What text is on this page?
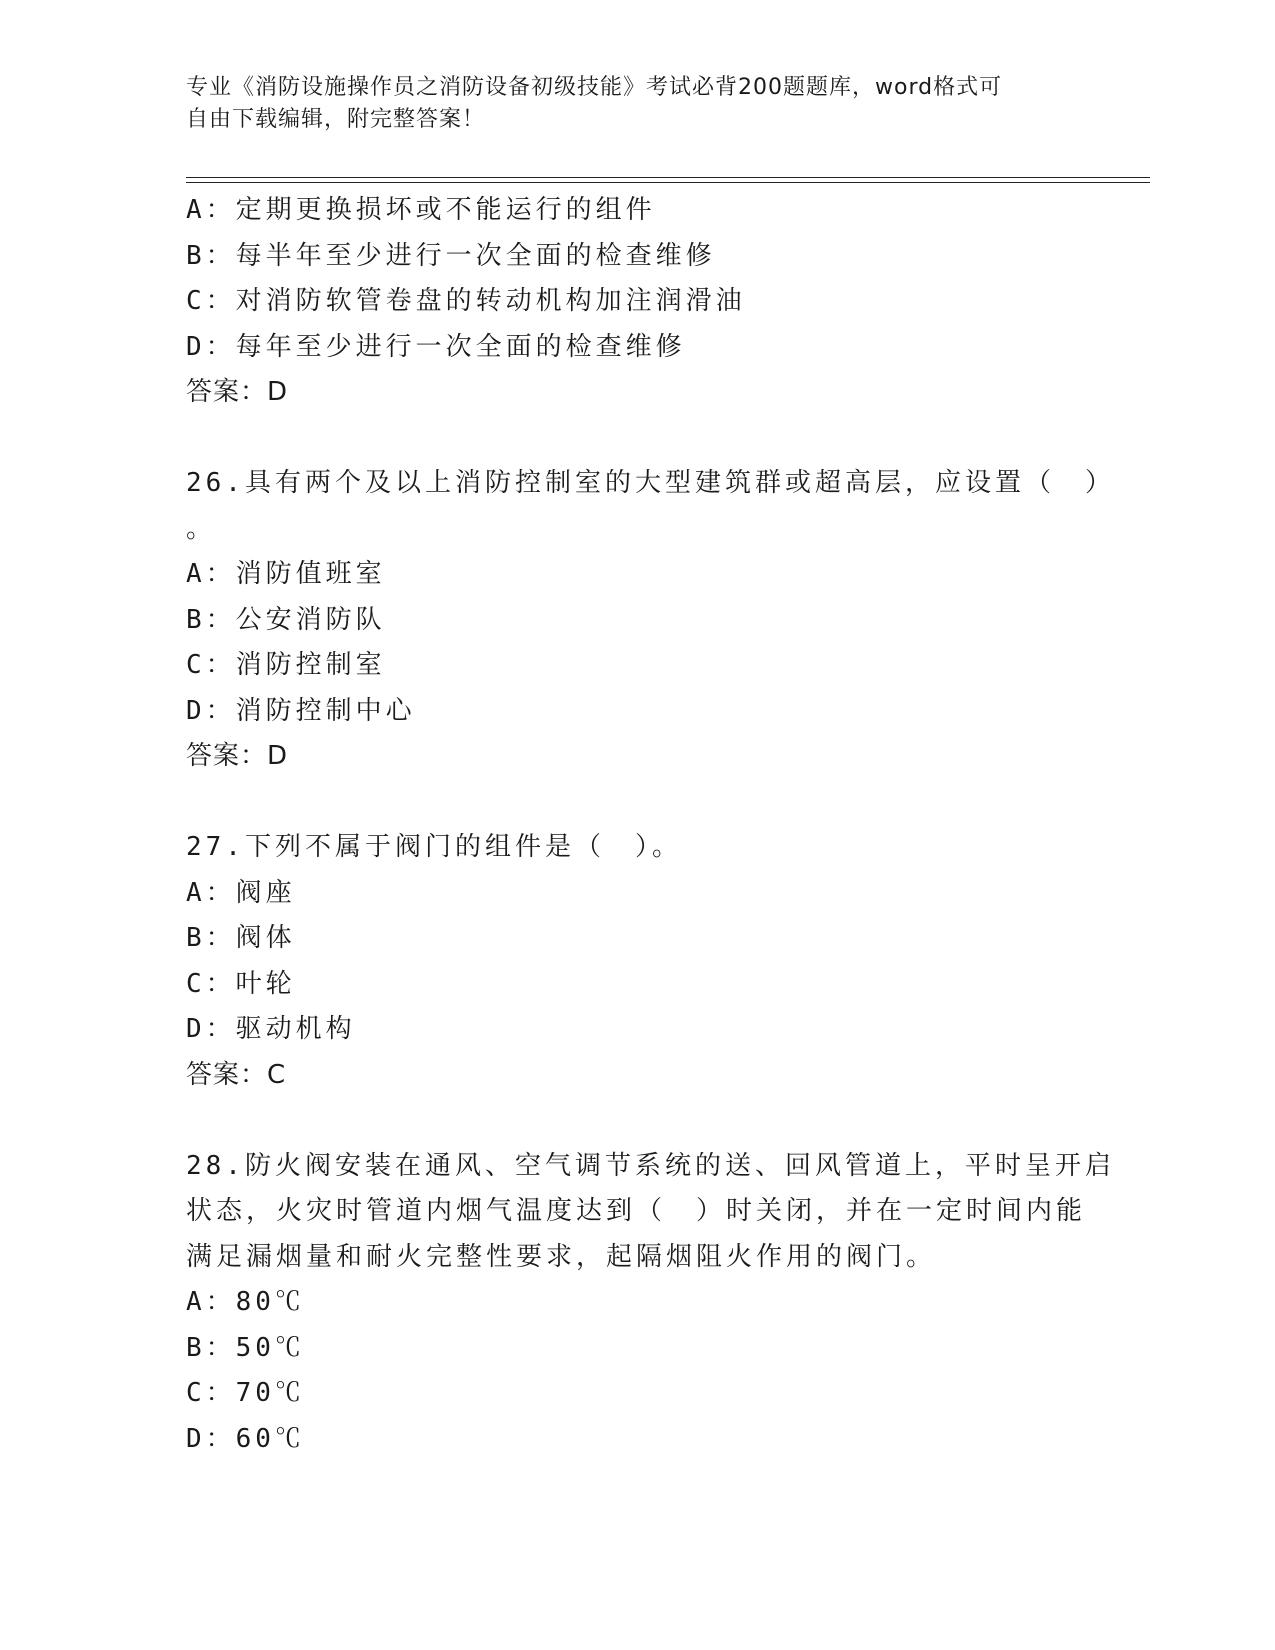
专业《消防设施操作员之消防设备初级技能》考试必背200题题库，word格式可
自由下载编辑，附完整答案！
A：定期更换损坏或不能运行的组件
B：每半年至少进行一次全面的检查维修
C：对消防软管卷盘的转动机构加注润滑油
D：每年至少进行一次全面的检查维修
答案：D
26.具有两个及以上消防控制室的大型建筑群或超高层，应设置（　）
。
A：消防值班室
B：公安消防队
C：消防控制室
D：消防控制中心
答案：D
27.下列不属于阀门的组件是（　）。
A：阀座
B：阀体
C：叶轮
D：驱动机构
答案：C
28.防火阀安装在通风、空气调节系统的送、回风管道上，平时呈开启
状态，火灾时管道内烟气温度达到（　）时关闭，并在一定时间内能
满足漏烟量和耐火完整性要求，起隔烟阻火作用的阀门。
A：80℃
B：50℃
C：70℃
D：60℃
